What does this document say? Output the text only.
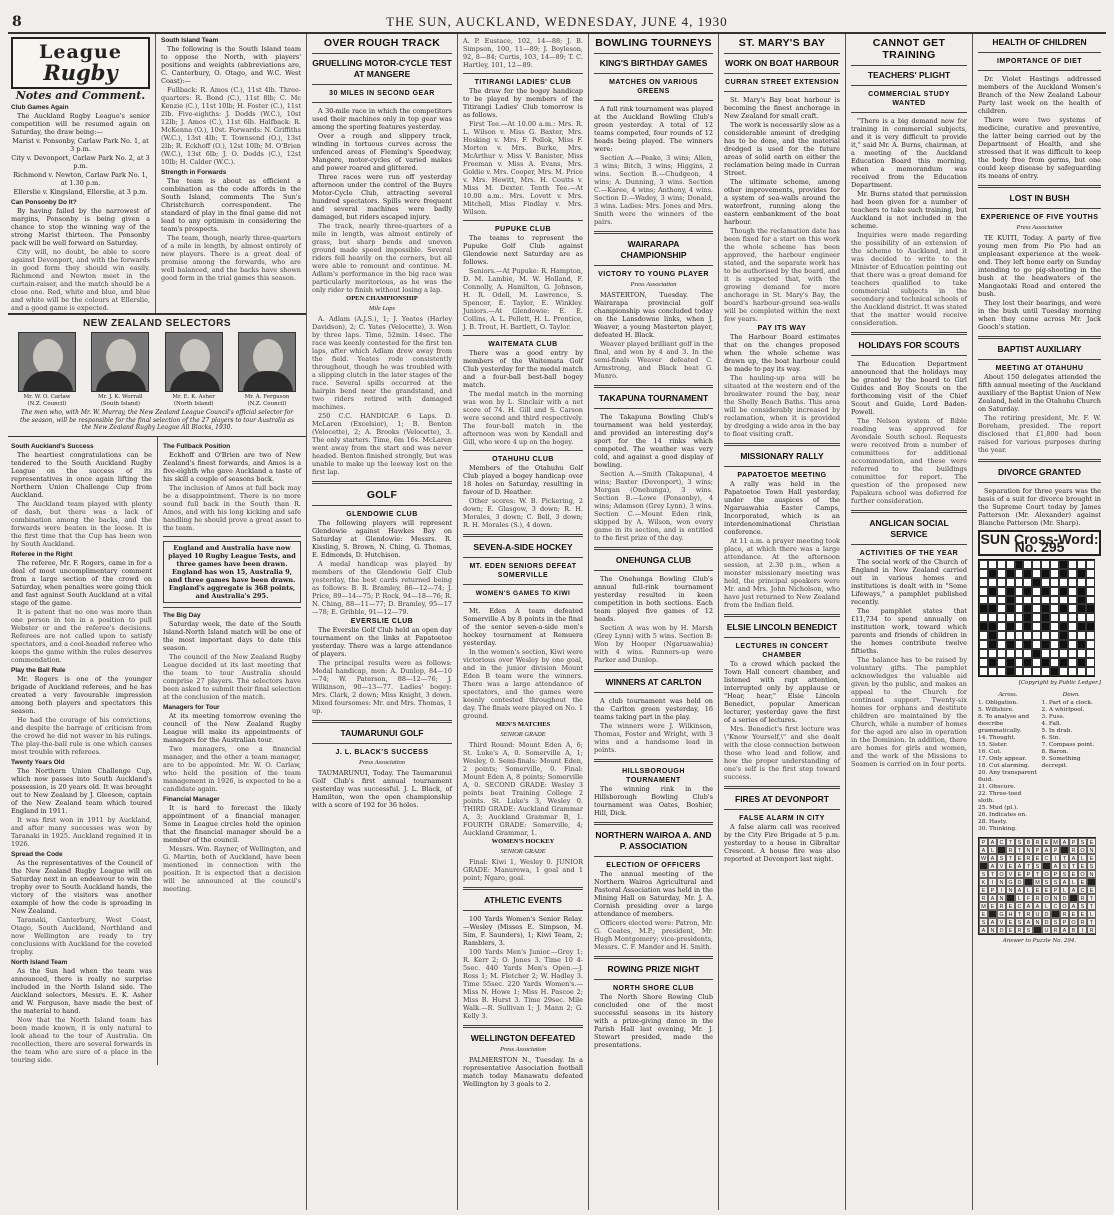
8	THE SUN, AUCKLAND, WEDNESDAY, JUNE 4, 1930
League
Rugby
Notes and Comment.
Club Games Again

The Auckland Rugby League's senior competition will be resumed again on Saturday, the draw being:—

Marist v. Ponsonby, Carlaw Park No. 1, at 3 p.m.

City v. Devonport, Carlaw Park No. 2, at 3 p.m.

Richmond v. Newton, Carlaw Park No. 1, at 1.30 p.m.

Ellerslie v. Kingsland, Ellerslie, at 3 p.m.

Can Ponsonby Do It?

By having failed by the narrowest of margins, Ponsonby is being given a chance to stop the winning way of the strong Marist thirteen. The Ponsonby pack will be well forward on Saturday.

City will, no doubt, be able to score against Devonport, and with the forwards in good form they should win easily. Richmond and Newton meet in the curtain-raiser, and the match should be a close one. Red, white and blue, and blue and white will be the colours at Ellerslie, and a good game is expected.

South Island Team

The following is the South Island team to oppose the North, with players' positions and weights (abbreviations are, C. Canterbury, O. Otago, and W.C. West Coast):—

Fullback: R. Amos (C.), 11st 4lb. Three-quarters: R. Bond (C.), 11st 8lb; C. Mc Kenzie (C.), 11st 10lb; H. Foster (C.), 11st 2lb. Five-eighths: J. Dodds (W.C.), 10st 12lb; J. Amos (C.), 11st 6lb. Halfback: R. McKenna (O.), 10st. Forwards: N. Griffiths (W.C.), 13st 4lb; T. Townsend (O.), 13st 2lb; R. Eckhoff (O.), 12st 10lb; M. O'Brien (W.C.), 13st 6lb; J. O. Dodds (C.), 12st 10lb; H. Calder (W.C.).

Strength in Forwards

The team is about as efficient a combination as the code affords in the South Island, comments The Sun's Christchurch correspondent. The standard of play in the final game did not lead to any optimism in considering the team's prospects.

The team, though, nearly three-quarters of a mile in length, by almost entirely of new players. There is a great deal of promise among the forwards, who are well balanced, and the backs have shown good form in the trial games this season.

NEW ZEALAND SELECTORS
Mr. W. O. Carlaw
(N.Z. Council)
Mr. J. K. Worrall
(South Island)
Mr. E. K. Asher
(North Island)
Mr. A. Ferguson
(N.Z. Council)
The men who, with Mr. W. Murray, the New Zealand League Council's official selector for the season, will be responsible for the final selection of the 27 players to tour Australia as the New Zealand Rugby League All Blacks, 1930.
South Auckland's Success

The heartiest congratulations can be tendered to the South Auckland Rugby League on the success of its representatives in once again lifting the Northern Union Challenge Cup from Auckland.

The Auckland team played with plenty of dash, but there was a lack of combination among the backs, and the forwards were beaten in the loose. It is the first time that the Cup has been won by South Auckland.

Referee in the Right

The referee, Mr. F. Rogers, came in for a deal of most uncomplimentary comment from a large section of the crowd on Saturday, when penalties were going thick and fast against South Auckland at a vital stage of the game.

It is patent that no one was more than one person in ten in a position to pull Webster or and the referee's decisions. Referees are not called upon to satisfy spectators, and a cool-headed referee who keeps the game within the rules deserves commendation.

Play the Ball Rule

Mr. Rogers is one of the younger brigade of Auckland referees, and he has created a very favourable impression among both players and spectators this season.

He had the courage of his convictions, and despite the barrage of criticism from the crowd he did not waver in his rulings. The play-the-ball rule is one which causes most trouble with referees.

Twenty Years Old

The Northern Union Challenge Cup, which now passes into South Auckland's possession, is 20 years old. It was brought out to New Zealand by J. Gleeson, captain of the New Zealand team which toured England in 1911.

It was first won in 1911 by Auckland, and after many successes was won by Taranaki in 1925. Auckland regained it in 1926.

Spread the Code

As the representatives of the Council of the New Zealand Rugby League will on Saturday next in an endeavour to win the trophy over to South Auckland hands, the victory of the visitors was another example of how the code is spreading in New Zealand.

Taranaki, Canterbury, West Coast, Otago, South Auckland, Northland and now Wellington are ready to try conclusions with Auckland for the coveted trophy.

North Island Team

As the Sun had when the team was announced, there is really no surprise included in the North Island side. The Auckland selectors, Messrs. E. K. Asher and W. Ferguson, have made the best of the material to hand.

Now that the North Island team has been made known, it is only natural to look ahead to the tour of Australia. On recollection, there are several forwards in the team who are sure of a place in the touring side.

The Fullback Position

Eckhoff and O'Brien are two of New Zealand's finest forwards, and Amos is a five-eighth who gave Auckland a taste of his skill a couple of seasons back.

The inclusion of Amos at full back may be a disappointment. There is no more sound full back in the South than R. Amos, and with his long kicking and safe handling he should prove a great asset to the team.

England and Australia have now played 10 Rugby League Tests, and three games have been drawn. England has won 15, Australia 9, and three games have been drawn. England's aggregate is 368 points, and Australia's 295.
The Big Day

Saturday week, the date of the South Island-North Island match will be one of the most important days to date this season.

The council of the New Zealand Rugby League decided at its last meeting that the team to tour Australia should comprise 27 players. The selectors have been asked to submit their final selection at the conclusion of the match.

Managers for Tour

At its meeting tomorrow evening the council of the New Zealand Rugby League will make its appointments of managers for the Australian tour.

Two managers, one a financial manager, and the other a team manager, are to be appointed. Mr. W. O. Carlaw, who held the position of the team management in 1926, is expected to be a candidate again.

Financial Manager

It is hard to forecast the likely appointment of a financial manager. Some in League circles hold the opinion that the financial manager should be a member of the council.

Messrs. Wm. Rayner, of Wellington, and G. Martin, both of Auckland, have been mentioned in connection with the position. It is expected that a decision will be announced at the council's meeting.

OVER ROUGH TRACK
GRUELLING MOTOR-CYCLE TEST AT MANGERE
30 MILES IN SECOND GEAR

A 30-mile race in which the competitors used their machines only in top gear was among the sporting features yesterday.

Over a rough and slippery track, winding in tortuous curves across the unfenced areas of Fleming's Speedway, Mangere, motor-cycles of varied makes and power roared and glittered.

Three races were run off yesterday afternoon under the control of the Buyrs Motor-Cycle Club, attracting several hundred spectators. Spills were frequent and several machines were badly damaged, but riders escaped injury.

The track, nearly three-quarters of a mile in length, was almost entirely of grass, but sharp bends and uneven ground made speed impossible. Several riders fell heavily on the corners, but all were able to remount and continue. M. Adlam's performance in the big race was particularly meritorious, as he was the only rider to finish without losing a lap.

OPEN CHAMPIONSHIP
Mile Laps

A. Adlam (A.J.S.), 1; J. Yeates (Harley Davidson), 2; C. Yates (Velocette), 3. Won by three laps. Time, 52min. 14sec. The race was keenly contested for the first ten laps, after which Adlam drew away from the field. Yeates rode consistently throughout, though he was troubled with a slipping clutch in the later stages of the race. Several spills occurred at the hairpin bend near the grandstand, and two riders retired with damaged machines.

250 C.C. HANDICAP. 6 Laps. D. McLaren (Excelsior), 1; B. Benton (Velocette), 2; A. Brooks (Velocette), 3. The only starters. Time, 6m 16s. McLaren went away from the start and was never headed. Benton finished strongly, but was unable to make up the leeway lost on the first lap.

GOLF
GLENDOWIE CLUB

The following players will represent Glendowie against Hawkes Bay on Saturday at Glendowie: Messrs. R. Kissling, S. Brown, N. Ching, G. Thomas, E. Edmonds, D. Hutchison.

A medal handicap was played by members of the Glendowie Golf Club yesterday, the best cards returned being as follows: B. R. Bramley, 86—12—74; J. Price, 89—14—75; P. Rock, 94—18—76; R. N. Ching, 88—11—77; D. Bramley, 95—17—78; E. Gribble, 91—12—79.

EVERSLIE CLUB

The Everslie Golf Club held an open day tournament on the links at Papatoetoe yesterday. There was a large attendance of players.

The principal results were as follows: Medal handicap, men: A. Dunlop, 84—10—74; W. Paterson, 88—12—76; J. Wilkinson, 90—13—77. Ladies' bogey: Mrs. Clark, 2 down; Miss Knight, 3 down. Mixed foursomes: Mr. and Mrs. Thomas, 1 up.

TAUMARUNUI GOLF
J. L. BLACK'S SUCCESS
Press Association

TAUMARUNUI, Today. The Taumarunui Golf Club's first annual tournament yesterday was successful. J. L. Black, of Hamilton, won the open championship with a score of 192 for 36 holes.

A. P. Eustace, 102, 14—88; J. B. Simpson, 100, 11—89; J. Boyleson, 92, 8—84; Curtis, 103, 14—89; T. C. Hartley, 101, 12—89.

TITIRANGI LADIES' CLUB

The draw for the bogey handicap to be played by members of the Titirangi Ladies' Club tomorrow is as follows.

First Tee.—At 10.00 a.m.: Mrs. R. L. Wilson v. Miss G. Baxter, Mrs. Hosking v. Mrs. F. Pollok, Miss F. Morton v. Mrs. Burke, Mrs. McArthur v. Miss V. Banister, Miss Freeman v. Miss A. Evans, Mrs. Goldie v. Mrs. Cooper, Mrs. M. Price v. Mrs. Hewitt, Mrs. H. Coutts v. Miss M. Dexter. Tenth Tee.—At 10.00 a.m.: Mrs. Lovett v. Mrs. Mitchell, Miss Findlay v. Mrs. Wilson.

PUPUKE CLUB

The teams to represent the Pupuke Golf Club against Glendowie next Saturday are as follows.

Seniors.—At Pupuke: R. Hampton, D. M. Lambie, M. W. Holland, F. Connolly, A. Hamilton, G. Johnson, H. R. Odell, M. Lawrence, S. Spencer, E. Taylor, E. Winkley. Juniors.—At Glendowie: E. E. Collins, A. L. Pellett, H. L. Prentice, J. B. Trout, H. Bartlett, O. Taylor.

WAITEMATA CLUB

There was a good entry by members of the Waitemata Golf Club yesterday for the medal match and a four-ball best-ball bogey match.

The medal match in the morning was won by L. Sinclair with a net score of 74. H. Gill and S. Carson were second and third respectively. The four-ball match in the afternoon was won by Kendall and Gill, who were 4 up on the bogey.

OTAHUHU CLUB

Members of the Otahuhu Golf Club played a bogey handicap over 18 holes on Saturday, resulting in favour of D. Heather.

Other scores: W. B. Pickering, 2 down; E. Glasgow, 3 down; R. H. Morales, 3 down; C. Bell, 3 down; R. H. Morales (S.), 4 down.

SEVEN-A-SIDE HOCKEY
MT. EDEN SENIORS DEFEAT SOMERVILLE
WOMEN'S GAMES TO KIWI

Mt. Eden A team defeated Somerville A by 8 points in the final of the senior seven-a-side men's hockey tournament at Remuera yesterday.

In the women's section, Kiwi were victorious over Wesley by one goal, and in the junior division Mount Eden B team were the winners. There was a large attendance of spectators, and the games were keenly contested throughout the day. The finals were played on No. 1 ground.

MEN'S MATCHES
SENIOR GRADE

Third Round: Mount Eden A, 6; St. Luke's A, 0. Somerville A, 1; Wesley, 0. Semi-finals: Mount Eden, 2 points; Somerville, 0. Final: Mount Eden A, 8 points; Somerville A, 0. SECOND GRADE: Wesley 3 points beat Training College 2 points. St. Luke's 3, Wesley 0. THIRD GRADE: Auckland Grammar A, 3; Auckland Grammar B, 1. FOURTH GRADE: Somerville, 4; Auckland Grammar, 1.

WOMEN'S HOCKEY
SENIOR GRADE

Final: Kiwi 1, Wesley 0. JUNIOR GRADE: Manurewa, 1 goal and 1 point; Ngaro, goal.

ATHLETIC EVENTS

100 Yards Women's Senior Relay.—Wesley (Misses E. Simpson, M. Sim, F. Saunders), 1; Kiwi Team, 2; Ramblers, 3.

100 Yards Men's Junior.—Grey 1; R. Kerr 2; O. Jones 3. Time 10 4-5sec. 440 Yards Men's Open.—J. Ross 1; M. Fletcher 2; W. Hadley 3. Time 55sec. 220 Yards Women's.—Miss N. Howe 1; Miss H. Pascoe 2; Miss B. Hurst 3. Time 29sec. Mile Walk.—R. Sullivan 1; J. Mann 2; G. Kelly 3.

WELLINGTON DEFEATED
Press Association

PALMERSTON N., Tuesday. In a representative Association football match today Manawatu defeated Wellington by 3 goals to 2.

BOWLING TOURNEYS
KING'S BIRTHDAY GAMES
MATCHES ON VARIOUS GREENS

A full rink tournament was played at the Auckland Bowling Club's green yesterday. A total of 12 teams competed, four rounds of 12 heads being played. The winners were:

Section A.—Peake, 3 wins; Allen, 3 wins; Bitch, 3 wins; Higgins, 2 wins. Section B.—Chudgeon, 4 wins; A. Dunning, 3 wins. Section C.—Karee, 4 wins; Anthony, 4 wins. Section D.—Wadey, 3 wins; Donald, 3 wins. Ladies: Mrs. Jones and Mrs. Smith were the winners of the pairs.

WAIRARAPA CHAMPIONSHIP
VICTORY TO YOUNG PLAYER
Press Association

MASTERTON, Tuesday. The Wairarapa provincial golf championship was concluded today on the Lansdowne links, when J. Weaver, a young Masterton player, defeated H. Black.

Weaver played brilliant golf in the final, and won by 4 and 3. In the semi-finals Weaver defeated C. Armstrong, and Black beat G. Munro.

TAKAPUNA TOURNAMENT

The Takapuna Bowling Club's tournament was held yesterday, and provided an interesting day's sport for the 14 rinks which competed. The weather was very cold, and against a good display of bowling.

Section A.—Smith (Takapuna), 4 wins; Baxter (Devonport), 3 wins; Morgan (Onehunga), 3 wins. Section B.—Lowe (Ponsonby), 4 wins; Adamson (Grey Lynn), 3 wins. Section C.—Mount Eden rink, skipped by A. Wilson, won every game in its section, and is entitled to the first prize of the day.

ONEHUNGA CLUB

The Onehunga Bowling Club's annual full-rink tournament yesterday resulted in keen competition in both sections. Each team played five games of 12 heads.

Section A was won by H. Marsh (Grey Lynn) with 5 wins. Section B: Won by Hooper (Ngaruawahia) with 4 wins. Runners-up were Parker and Dunlop.

WINNERS AT CARLTON

A club tournament was held on the Carlton green yesterday, 16 teams taking part in the play.

The winners were J. Wilkinson, Thomas, Foster and Wright, with 3 wins and a handsome lead in points.

HILLSBOROUGH TOURNAMENT

The winning rink in the Hillsborough Bowling Club's tournament was Oates, Boshier, Hill, Dick.

NORTHERN WAIROA A. AND P. ASSOCIATION
ELECTION OF OFFICERS

The annual meeting of the Northern Wairoa Agricultural and Pastoral Association was held in the Mining Hall on Saturday, Mr. J. A. Cornish presiding over a large attendance of members.

Officers elected were: Patron, Mr. G. Coates, M.P.; president, Mr. Hugh Montgomery; vice-presidents, Messrs. C. F. Mander and H. Smith.

ROWING PRIZE NIGHT
NORTH SHORE CLUB

The North Shore Rowing Club concluded one of the most successful seasons in its history with a prize-giving dance in the Parish Hall last evening, Mr. J. Stewart presided, made the presentations.

ST. MARY'S BAY
WORK ON BOAT HARBOUR
CURRAN STREET EXTENSION

St. Mary's Bay boat harbour is becoming the finest anchorage in New Zealand for small craft.

The work is necessarily slow as a considerable amount of dredging has to be done, and the material dredged is used for the future areas of solid earth on either the reclamation being made in Curran Street.

The ultimate scheme, among other improvements, provides for a system of sea-walls around the waterfront, running along the eastern embankment of the boat harbour.

Though the reclamation date has been fixed for a start on this work the whole scheme has been approved, the harbour engineer stated, and the separate work has to be authorised by the board, and it is expected that, with the growing demand for more anchorage in St. Mary's Bay, the board's harbour-ground sea-walls will be completed within the next few years.

PAY ITS WAY

The Harbour Board estimates that on the changes proposed when the whole scheme was drawn up, the boat harbour could be made to pay its way.

The hauling-up area will be situated at the western end of the breakwater round the bay, near the Shelly Beach Baths. This area will be considerably increased by reclamation, when it is provided by dredging a wide area in the bay to float visiting craft.

MISSIONARY RALLY
PAPATOETOE MEETING

A rally was held in the Papatoetoe Town Hall yesterday, under the auspices of the Ngaruawahia Easter Camps, Incorporated, which is an interdenominational Christian conference.

At 11 a.m. a prayer meeting took place, at which there was a large attendance. At the afternoon session, at 2.30 p.m., when a monster missionary meeting was held, the principal speakers were Mr. and Mrs. John Nicholson, who have just returned to New Zealand from the Indian field.

ELSIE LINCOLN BENEDICT
LECTURES IN CONCERT CHAMBER

To a crowd which packed the Town Hall concert chamber, and listened with rapt attention, interrupted only by applause or "Hear, hear," Elsie Lincoln Benedict, popular American lecturer, yesterday gave the first of a series of lectures.

Mrs. Benedict's first lecture was \"Know Yourself,\" and she dealt with the close connection between those who lead and follow, and how the proper understanding of one's self is the first step toward success.

FIRES AT DEVONPORT
FALSE ALARM IN CITY

A false alarm call was received by the City Fire Brigade at 5 p.m. yesterday to a house in Gibraltar Crescent. A house fire was also reported at Devonport last night.

CANNOT GET TRAINING
TEACHERS' PLIGHT
COMMERCIAL STUDY WANTED

"There is a big demand now for training in commercial subjects, and it is very difficult to provide it," said Mr. A. Burns, chairman, at a meeting of the Auckland Education Board this morning, when a memorandum was received from the Education Department.

Mr. Burns stated that permission had been given for a number of teachers to take such training, but Auckland is not included in the scheme.

Inquiries were made regarding the possibility of an extension of the scheme to Auckland, and it was decided to write to the Minister of Education pointing out that there was a great demand for teachers qualified to take commercial subjects in the secondary and technical schools of the Auckland district. It was stated that the matter would receive consideration.

HOLIDAYS FOR SCOUTS

The Education Department announced that the holidays may be granted by the board to Girl Guides and Boy Scouts on the forthcoming visit of the Chief Scout and Guide, Lord Baden-Powell.

The Nelson system of Bible reading was approved for Avondale South school. Requests were received from a number of committees for additional accommodation, and these were referred to the buildings committee for report. The question of the proposed new Papakura school was deferred for further consideration.

ANGLICAN SOCIAL SERVICE
ACTIVITIES OF THE YEAR

The social work of the Church of England in New Zealand carried out in various homes and institutions is dealt with in "Some Lifeways," a pamphlet published recently.

The pamphlet states that £11,734 to spend annually on institution work, toward which parents and friends of children in the homes contribute twelve fiftieths.

The balance has to be raised by voluntary gifts. The pamphlet acknowledges the valuable aid given by the public, and makes an appeal to the Church for continued support. Twenty-six homes for orphans and destitute children are maintained by the Church, while a number of homes for the aged are also in operation in the Dominion. In addition, there are homes for girls and women, and the work of the Missions to Seamen is carried on in four ports.

HEALTH OF CHILDREN
IMPORTANCE OF DIET

Dr. Violet Hastings addressed members of the Auckland Women's Branch of the New Zealand Labour Party last week on the health of children.

There were two systems of medicine, curative and preventive, the latter being carried out by the Department of Health, and she stressed that it was difficult to keep the body free from germs, but one could keep disease by safeguarding its means of entry.

LOST IN BUSH
EXPERIENCE OF FIVE YOUTHS
Press Association

TE KUITI, Today. A party of five young men from Pio Pio had an unpleasant experience at the week-end. They left home early on Sunday intending to go pig-shooting in the bush at the headwaters of the Mangaotaki Road and entered the bush.

They lost their bearings, and were in the bush until Tuesday morning when they came across Mr. Jack Gooch's station.

BAPTIST AUXILIARY
MEETING AT OTAHUHU

About 150 delegates attended the fifth annual meeting of the Auckland auxiliary of the Baptist Union of New Zealand, held in the Otahuhu Church on Saturday.

The retiring president, Mr. F. W. Boreham, presided. The report disclosed that £1,800 had been raised for various purposes during the year.

DIVORCE GRANTED

Separation for three years was the basis of a suit for divorce brought in the Supreme Court today by James Patterson (Mr. Alexander) against Blanche Patterson (Mr. Sharp).

SUN Cross-Word: No. 295
[Copyright by Public Ledger.]
Across.
1. Obligation.
5. Wiltshire.
8. To analyse and describe grammatically.
14. Thought.
15. Sister.
16. Cut.
17. Only appear.
18. Cut alarming.
20. Any transparent fluid.
21. Obscure.
22. Three-toed sloth.
25. Mud (pl.).
26. Indicates on.
28. Hasty.
30. Thinking.
Down.
1. Part of a clock.
2. A whirlpool.
3. Fuss.
4. Fall.
5. In drab.
6. Sin.
7. Compass point.
8. Baron.
9. Something decrepit.
P A C T S B R E M A P S E
A	L	R T N P A P	R O N
W A S T E R E C	I	T A	L	E
A V E A T S	A S T E S
S T O V E P T O P S E O N
K	I	N G D	M S S A	L	E
E P	I	N A	L	E E P	L	A C E
R A N	L	F R O N D	R T
M E R E C A A	L C O A S T
E	G H T R U D	R E E	L
S A V E S A N D S P O R T
A N D E R S	U R A B	I	R
Answer to Puzzle No. 294.
